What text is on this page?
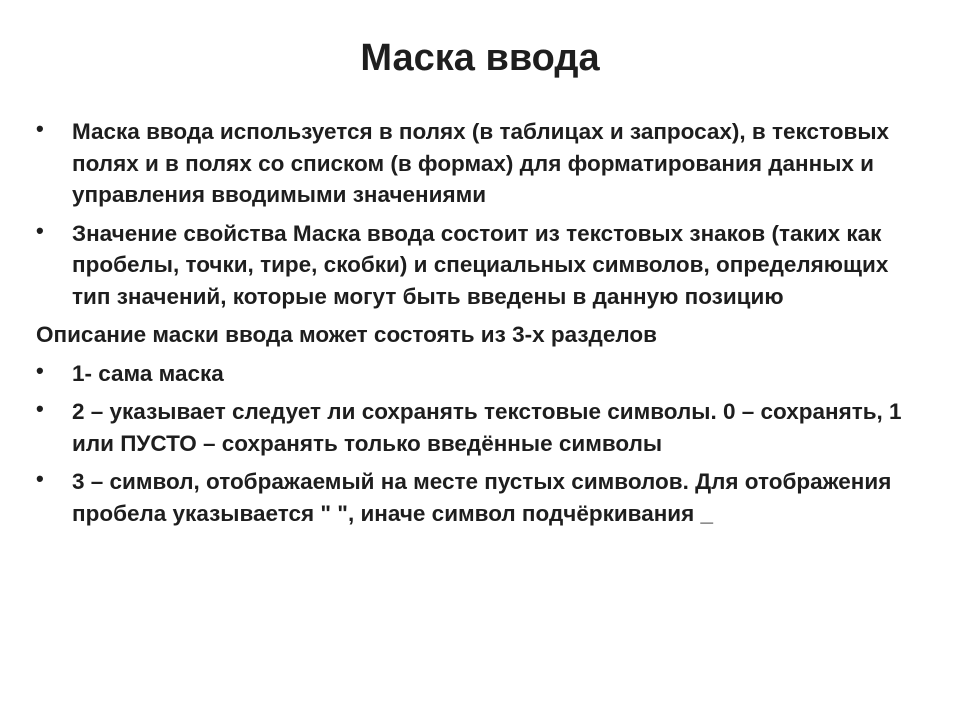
Маска ввода
• Маска ввода используется в полях (в таблицах и запросах), в текстовых полях и в полях со списком (в формах) для форматирования данных и управления вводимыми значениями
• Значение свойства Маска ввода состоит из текстовых знаков (таких как пробелы, точки, тире, скобки) и специальных символов, определяющих тип значений, которые могут быть введены в данную позицию
Описание маски ввода может состоять из 3-х разделов
• 1- сама маска
• 2 – указывает следует ли сохранять текстовые символы. 0 – сохранять, 1 или ПУСТО – сохранять только введённые символы
• 3 – символ, отображаемый на месте пустых символов. Для отображения пробела указывается " ", иначе символ подчёркивания _
